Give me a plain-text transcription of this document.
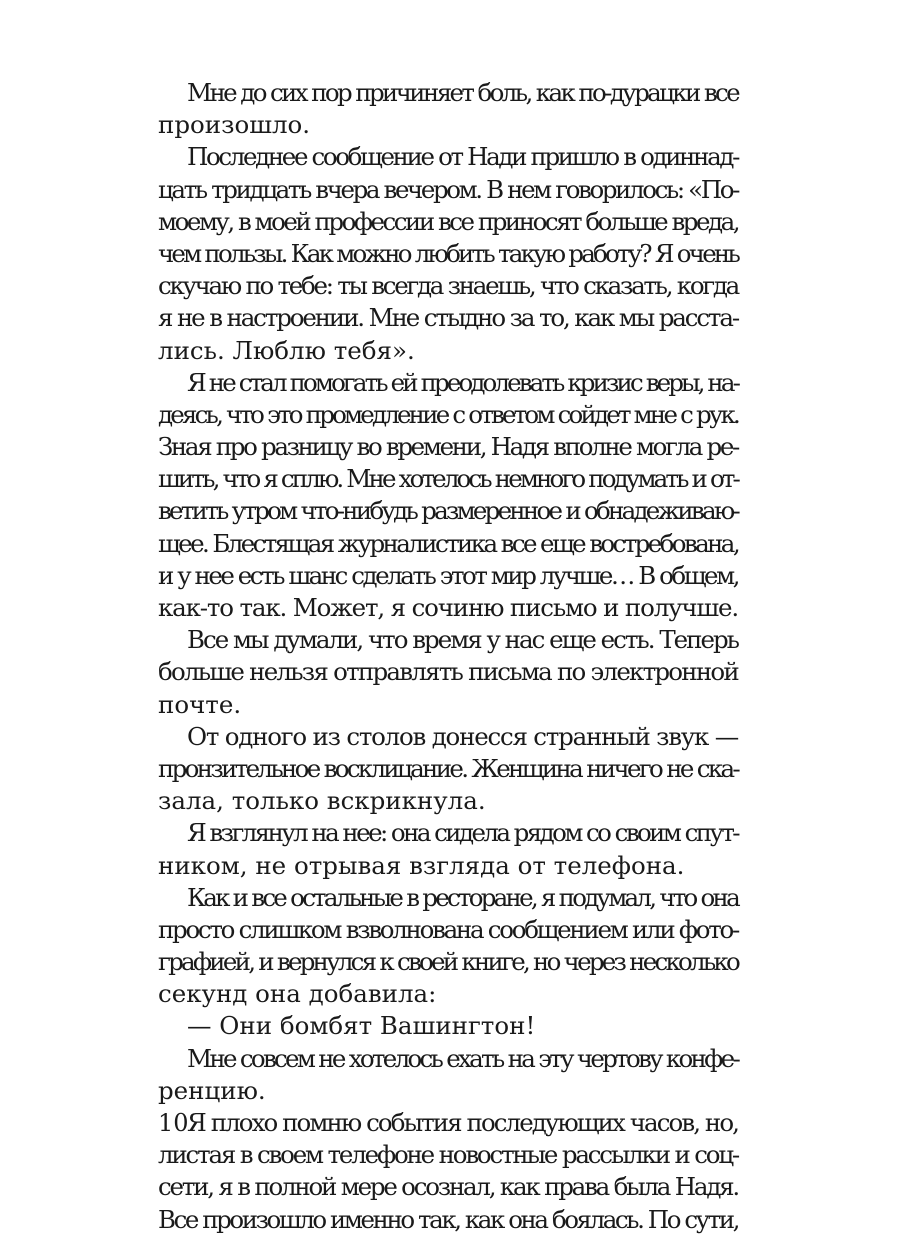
Мне до сих пор причиняет боль, как по-дурацки все
произошло.
Последнее сообщение от Нади пришло в одиннад-
цать тридцать вчера вечером. В нем говорилось: «По-
моему, в моей профессии все приносят больше вреда,
чем пользы. Как можно любить такую работу? Я очень
скучаю по тебе: ты всегда знаешь, что сказать, когда
я не в настроении. Мне стыдно за то, как мы расста-
лись. Люблю тебя».
Я не стал помогать ей преодолевать кризис веры, на-
деясь, что это промедление с ответом сойдет мне с рук.
Зная про разницу во времени, Надя вполне могла ре-
шить, что я сплю. Мне хотелось немного подумать и от-
ветить утром что-нибудь размеренное и обнадеживаю-
щее. Блестящая журналистика все еще востребована,
и у нее есть шанс сделать этот мир лучше… В общем,
как-то так. Может, я сочиню письмо и получше.
Все мы думали, что время у нас еще есть. Теперь
больше нельзя отправлять письма по электронной
почте.
От одного из столов донесся странный звук —
пронзительное восклицание. Женщина ничего не ска-
зала, только вскрикнула.
Я взглянул на нее: она сидела рядом со своим спут-
ником, не отрывая взгляда от телефона.
Как и все остальные в ресторане, я подумал, что она
просто слишком взволнована сообщением или фото-
графией, и вернулся к своей книге, но через несколько
секунд она добавила:
— Они бомбят Вашингтон!
Мне совсем не хотелось ехать на эту чертову конфе-
ренцию.
Я плохо помню события последующих часов, но,
листая в своем телефоне новостные рассылки и соц-
сети, я в полной мере осознал, как права была Надя.
Все произошло именно так, как она боялась. По сути,
10
